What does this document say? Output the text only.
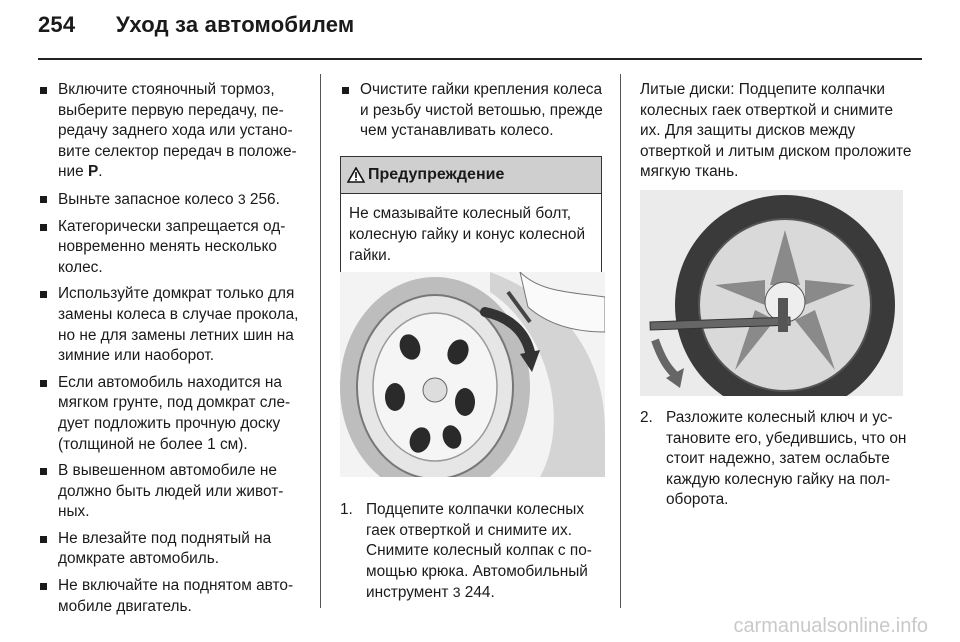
254 Уход за автомобилем
Включите стояночный тормоз, выберите первую передачу, передачу заднего хода или установите селектор передач в положение P.
Выньте запасное колесо 3 256.
Категорически запрещается одновременно менять несколько колес.
Используйте домкрат только для замены колеса в случае прокола, но не для замены летних шин на зимние или наоборот.
Если автомобиль находится на мягком грунте, под домкрат следует подложить прочную доску (толщиной не более 1 см).
В вывешенном автомобиле не должно быть людей или животных.
Не влезайте под поднятый на домкрате автомобиль.
Не включайте на поднятом автомобиле двигатель.
Очистите гайки крепления колеса и резьбу чистой ветошью, прежде чем устанавливать колесо.
Предупреждение
Не смазывайте колесный болт, колесную гайку и конус колесной гайки.
1. Подцепите колпачки колесных гаек отверткой и снимите их. Снимите колесный колпак с помощью крюка. Автомобильный инструмент 3 244.
Литые диски: Подцепите колпачки колесных гаек отверткой и снимите их. Для защиты дисков между отверткой и литым диском проложите мягкую ткань.
2. Разложите колесный ключ и установите его, убедившись, что он стоит надежно, затем ослабьте каждую колесную гайку на пол-оборота.
carmanualsonline.info
